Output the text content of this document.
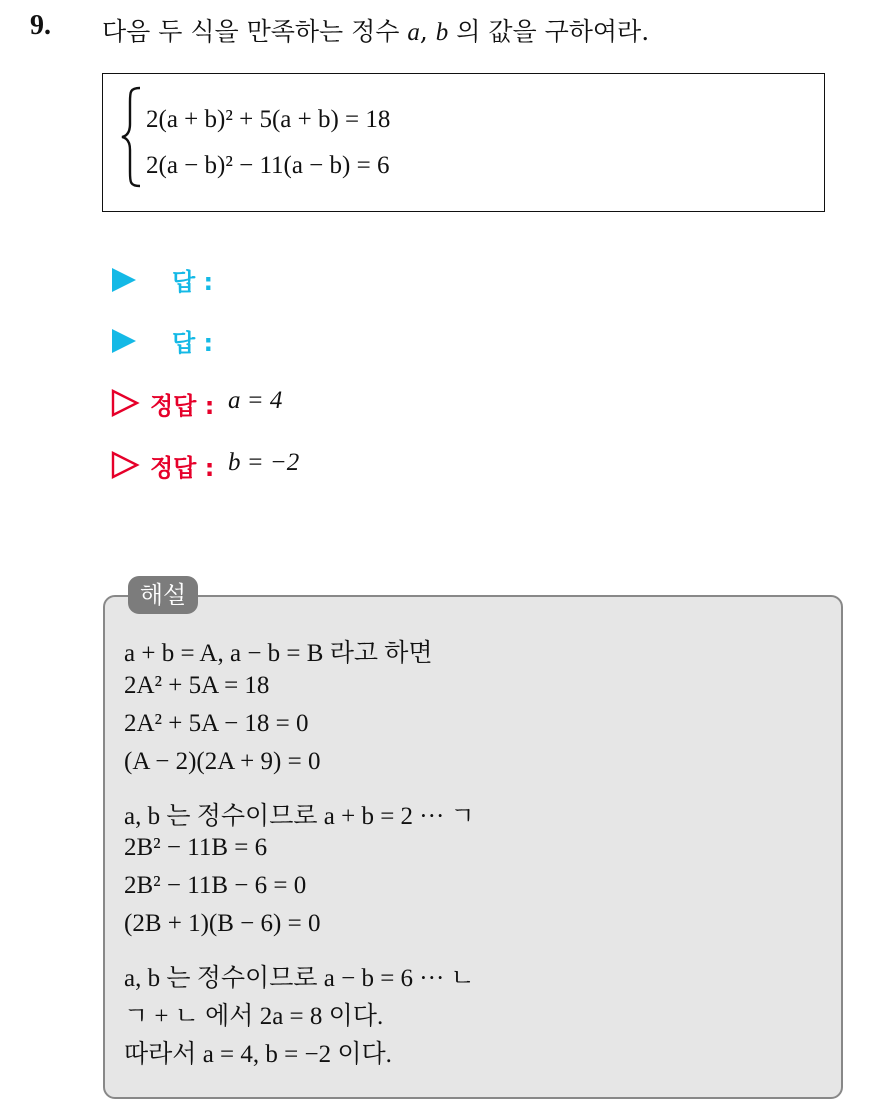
9. 다음 두 식을 만족하는 정수 a, b 의 값을 구하여라.
2(a + b)² + 5(a + b) = 18
2(a − b)² − 11(a − b) = 6
답 :
답 :
정답 : a = 4
정답 : b = −2
해설
a + b = A, a − b = B 라고 하면
2A² + 5A = 18
2A² + 5A − 18 = 0
(A − 2)(2A + 9) = 0
a, b 는 정수이므로 a + b = 2 ··· ㄱ
2B² − 11B = 6
2B² − 11B − 6 = 0
(2B + 1)(B − 6) = 0
a, b 는 정수이므로 a − b = 6 ··· ㄴ
ㄱ + ㄴ 에서 2a = 8 이다.
따라서 a = 4, b = −2 이다.
